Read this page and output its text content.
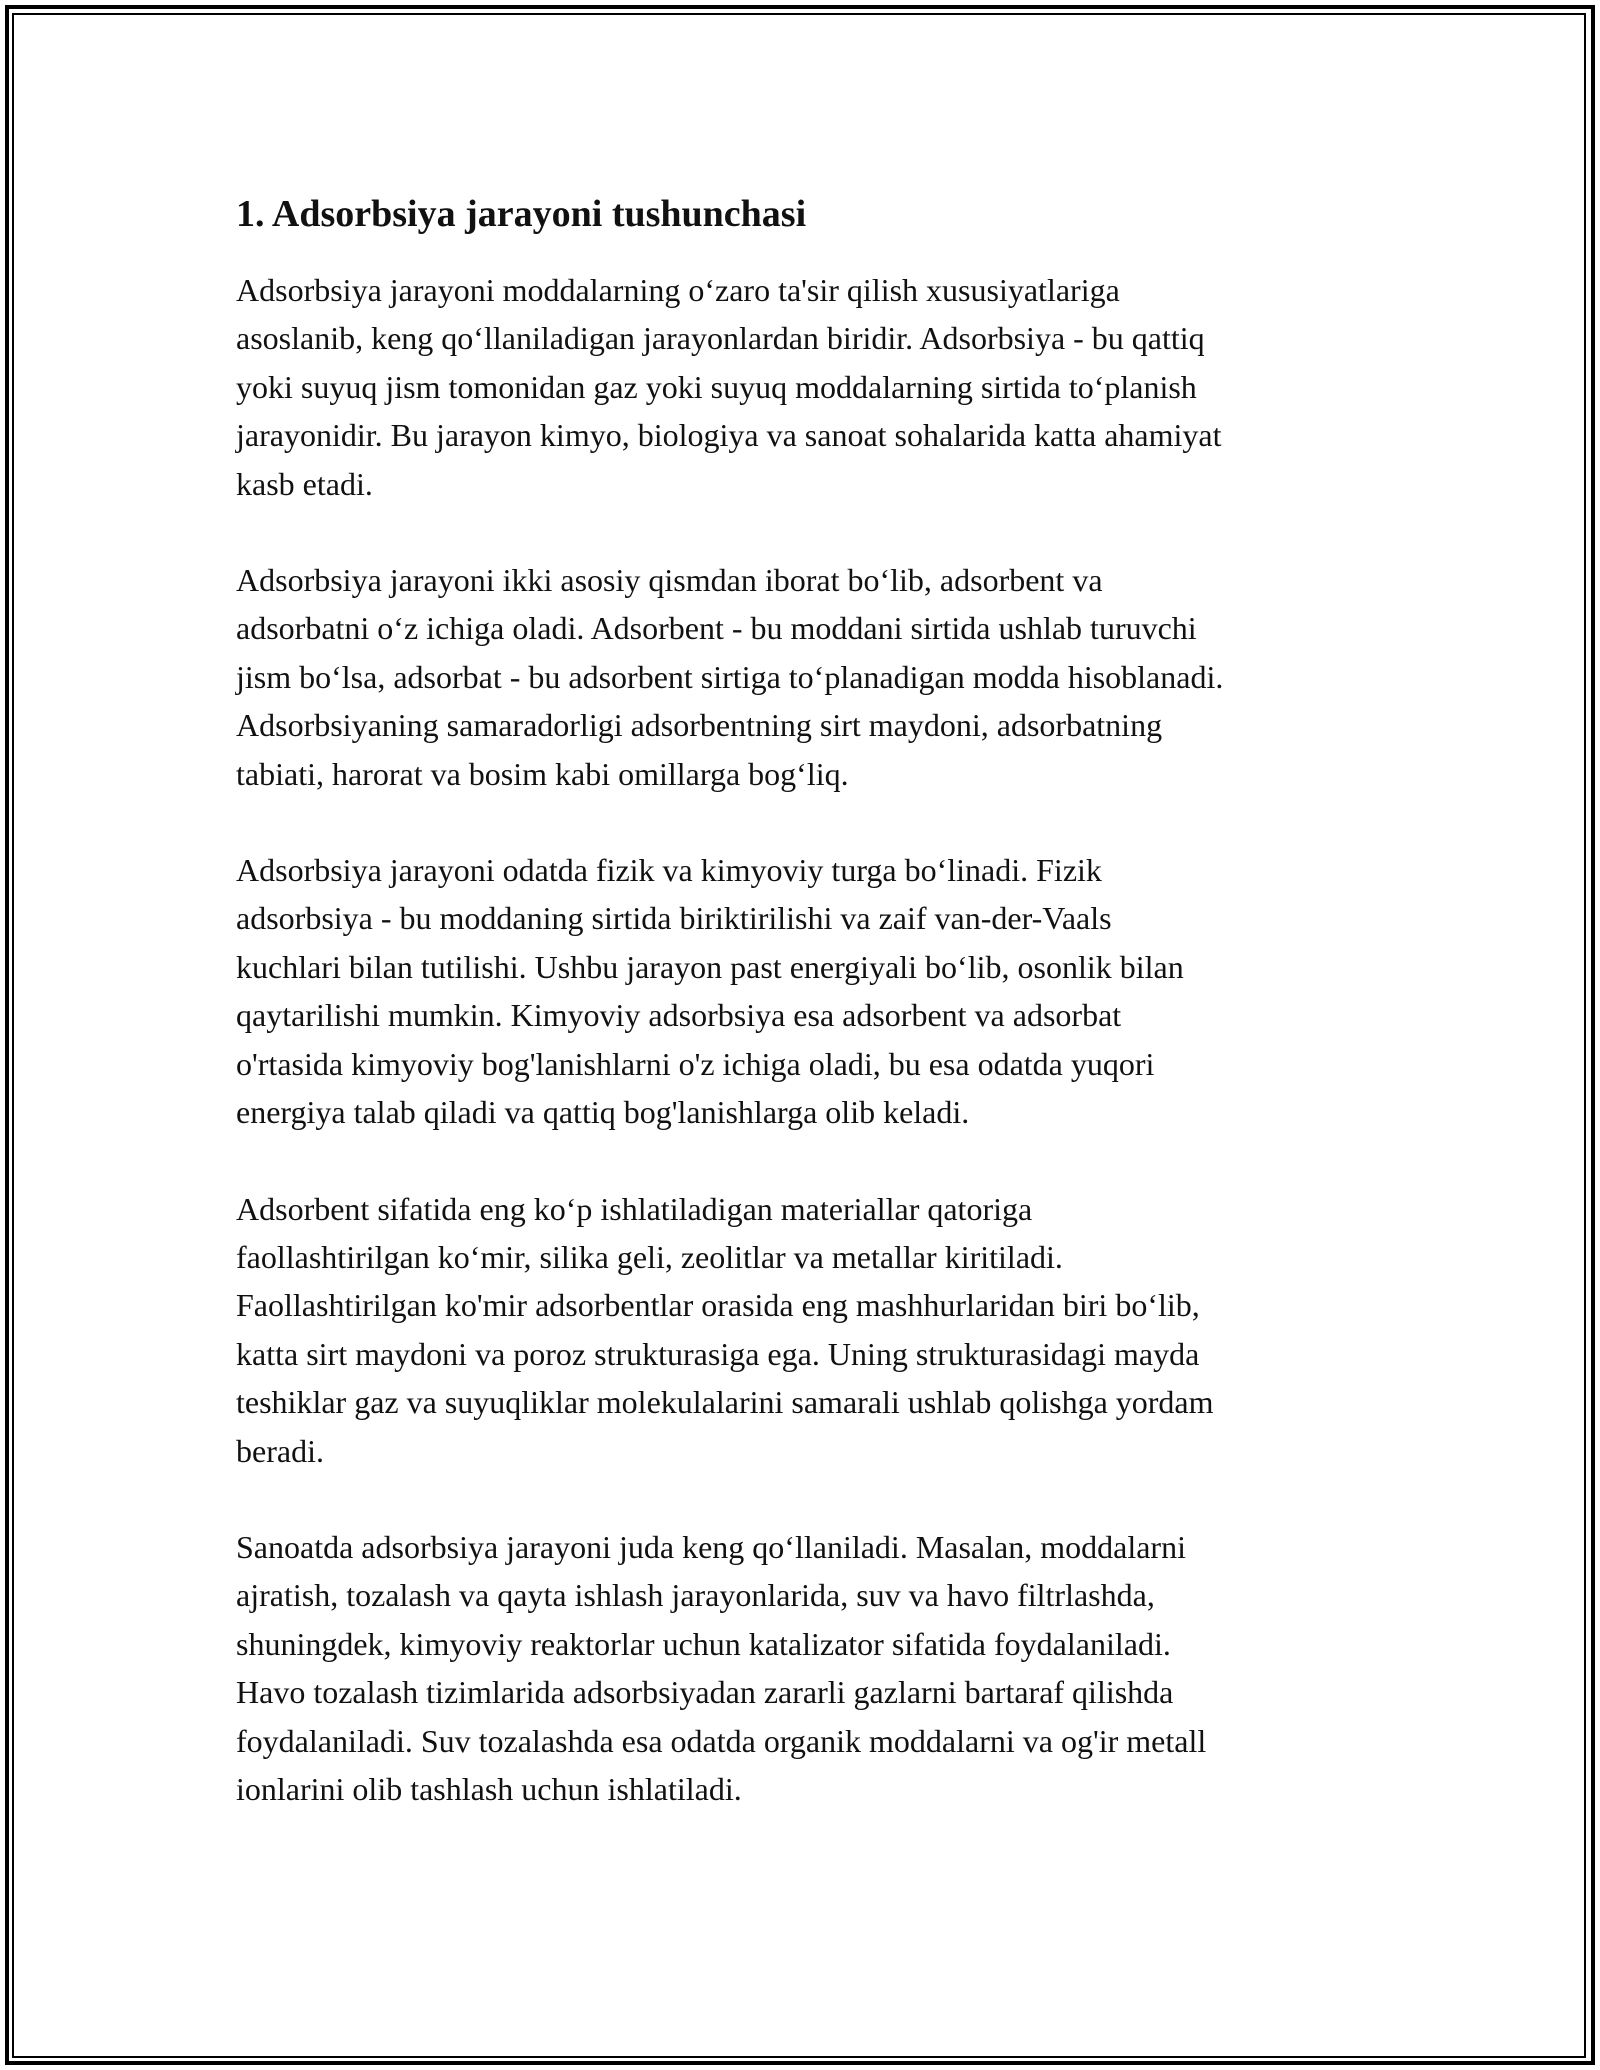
1. Adsorbsiya jarayoni tushunchasi

Adsorbsiya jarayoni moddalarning o‘zaro ta'sir qilish xususiyatlariga
asoslanib, keng qo‘llaniladigan jarayonlardan biridir. Adsorbsiya - bu qattiq
yoki suyuq jism tomonidan gaz yoki suyuq moddalarning sirtida to‘planish
jarayonidir. Bu jarayon kimyo, biologiya va sanoat sohalarida katta ahamiyat
kasb etadi.

Adsorbsiya jarayoni ikki asosiy qismdan iborat bo‘lib, adsorbent va
adsorbatni o‘z ichiga oladi. Adsorbent - bu moddani sirtida ushlab turuvchi
jism bo‘lsa, adsorbat - bu adsorbent sirtiga to‘planadigan modda hisoblanadi.
Adsorbsiyaning samaradorligi adsorbentning sirt maydoni, adsorbatning
tabiati, harorat va bosim kabi omillarga bog‘liq.

Adsorbsiya jarayoni odatda fizik va kimyoviy turga bo‘linadi. Fizik
adsorbsiya - bu moddaning sirtida biriktirilishi va zaif van-der-Vaals
kuchlari bilan tutilishi. Ushbu jarayon past energiyali bo‘lib, osonlik bilan
qaytarilishi mumkin. Kimyoviy adsorbsiya esa adsorbent va adsorbat
o'rtasida kimyoviy bog'lanishlarni o'z ichiga oladi, bu esa odatda yuqori
energiya talab qiladi va qattiq bog'lanishlarga olib keladi.

Adsorbent sifatida eng ko‘p ishlatiladigan materiallar qatoriga
faollashtirilgan ko‘mir, silika geli, zeolitlar va metallar kiritiladi.
Faollashtirilgan ko'mir adsorbentlar orasida eng mashhurlaridan biri bo‘lib,
katta sirt maydoni va poroz strukturasiga ega. Uning strukturasidagi mayda
teshiklar gaz va suyuqliklar molekulalarini samarali ushlab qolishga yordam
beradi.

Sanoatda adsorbsiya jarayoni juda keng qo‘llaniladi. Masalan, moddalarni
ajratish, tozalash va qayta ishlash jarayonlarida, suv va havo filtrlashda,
shuningdek, kimyoviy reaktorlar uchun katalizator sifatida foydalaniladi.
Havo tozalash tizimlarida adsorbsiyadan zararli gazlarni bartaraf qilishda
foydalaniladi. Suv tozalashda esa odatda organik moddalarni va og'ir metall
ionlarini olib tashlash uchun ishlatiladi.
